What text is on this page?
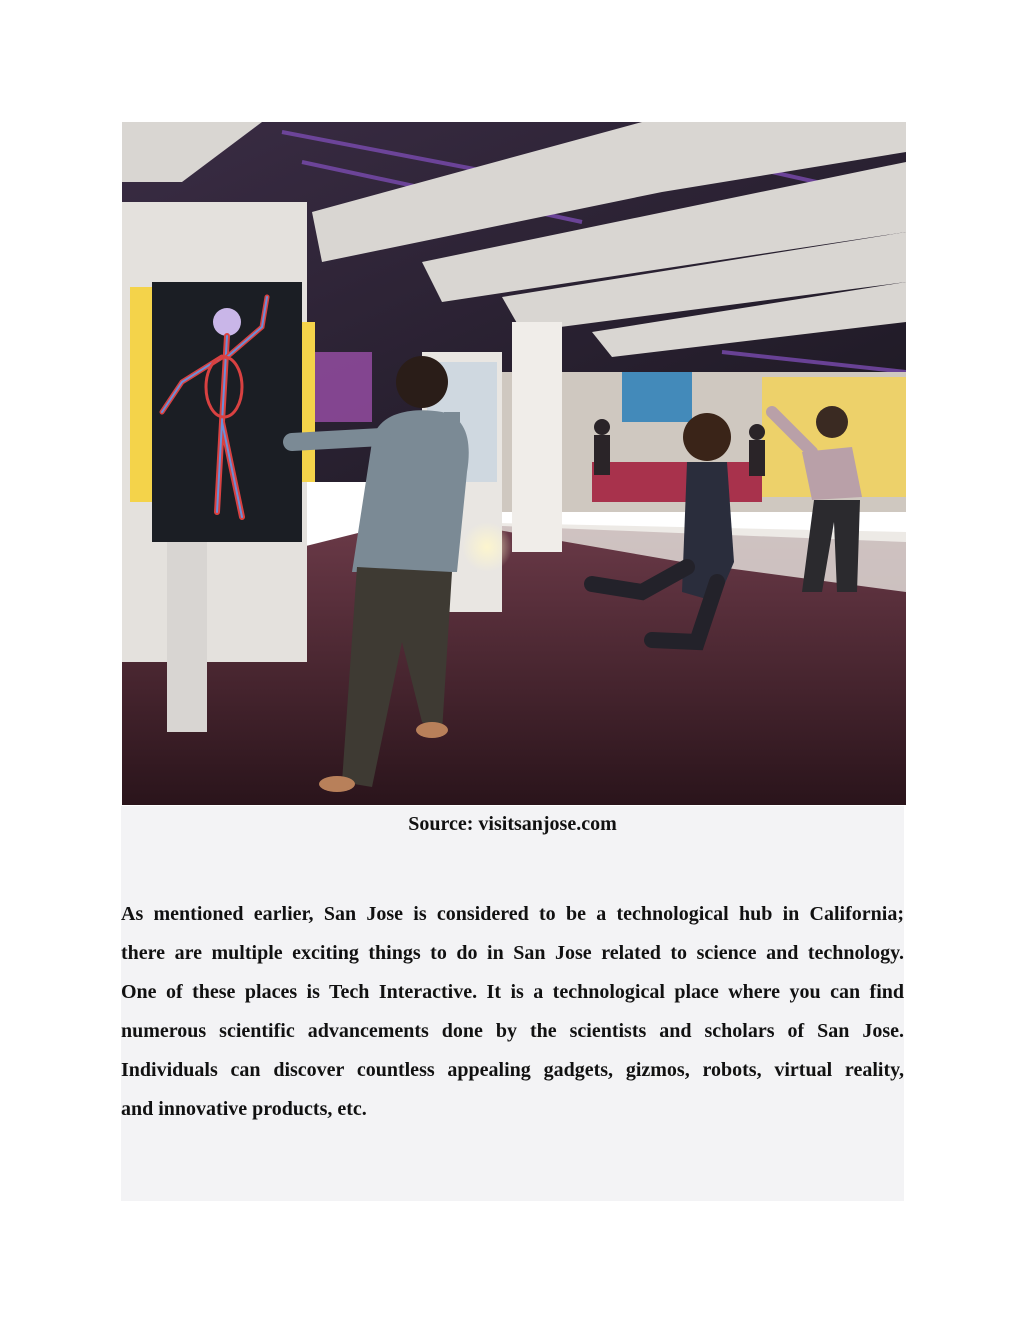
Source: visitsanjose.com
As mentioned earlier, San Jose is considered to be a technological hub in California;
there are multiple exciting things to do in San Jose related to science and technology.
One of these places is Tech Interactive. It is a technological place where you can find
numerous scientific advancements done by the scientists and scholars of San Jose.
Individuals can discover countless appealing gadgets, gizmos, robots, virtual reality,
and innovative products, etc.
